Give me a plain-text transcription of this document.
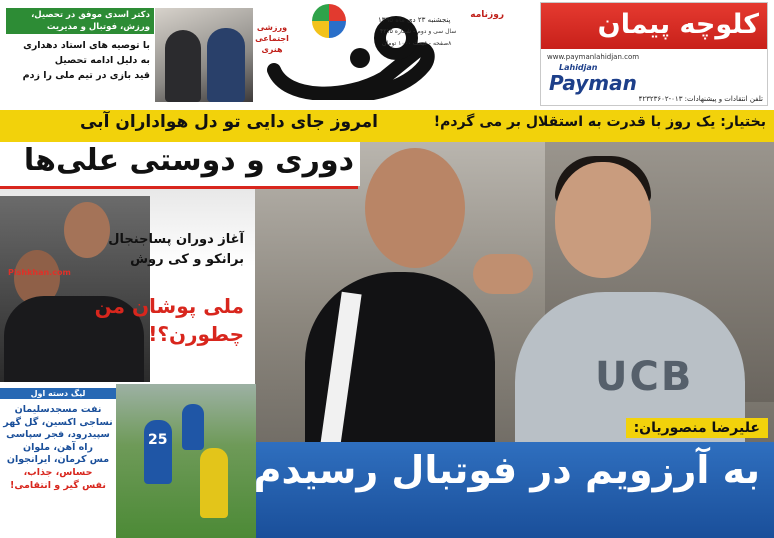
کلوچه پیمان
www.paymanlahidjan.com
Lahidjan
Payman
تلفن انتقادات و پیشنهادات: ۰۱۳-۴۲۳۲۳۶۰۲
روزنامه
پنجشنبه ۲۳ دی ماه ۱۳۹۵
سال سی و دوم - شماره ۴۲۱۵
۸صفحه - قیمت ۱۰۰۰ تومان
ورزشی
اجتماعی
هنری
دکتر اسدی موفق در تحصیل، ورزش، فوتبال و مدیریت
با توصیه های استاد دهداری
به دلیل ادامه تحصیل
قید بازی در تیم ملی را زدم
UCB
امروز جای دایی تو دل هواداران آبی	بختیار: یک روز با قدرت به استقلال بر می گردم!
دوری و دوستی علی‌ها
Pishkhan.com
آغاز دوران پساجنجال
برانکو و کی روش
ملی پوشان من
چطورن؟!
لیگ دسته اول
نفت مسجدسلیمان
نساجی اکسین، گل گهر
سپیدرود، فجر سپاسی
راه آهن، ملوان
مس کرمان، ایرانجوان
حساس، جذاب،
نفس گیر و انتقامی!
25
علیرضا منصوریان:
به آرزویم در فوتبال رسیدم
